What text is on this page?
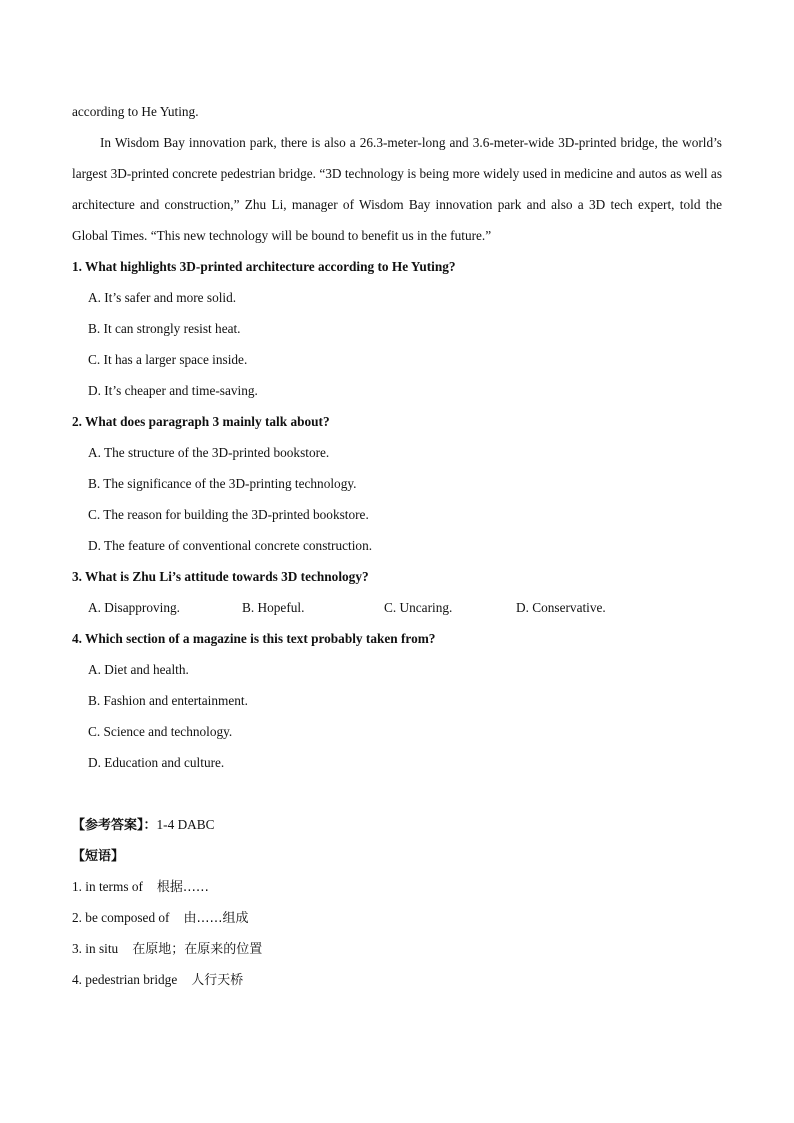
according to He Yuting.

In Wisdom Bay innovation park, there is also a 26.3-meter-long and 3.6-meter-wide 3D-printed bridge, the world’s largest 3D-printed concrete pedestrian bridge. “3D technology is being more widely used in medicine and autos as well as architecture and construction,” Zhu Li, manager of Wisdom Bay innovation park and also a 3D tech expert, told the Global Times. “This new technology will be bound to benefit us in the future.”

1. What highlights 3D-printed architecture according to He Yuting?
A. It’s safer and more solid.
B. It can strongly resist heat.
C. It has a larger space inside.
D. It’s cheaper and time-saving.
2. What does paragraph 3 mainly talk about?
A. The structure of the 3D-printed bookstore.
B. The significance of the 3D-printing technology.
C. The reason for building the 3D-printed bookstore.
D. The feature of conventional concrete construction.
3. What is Zhu Li’s attitude towards 3D technology?
A. Disapproving.	B. Hopeful.	C. Uncaring.	D. Conservative.
4. Which section of a magazine is this text probably taken from?
A. Diet and health.
B. Fashion and entertainment.
C. Science and technology.
D. Education and culture.
【参考答案】：1-4 DABC
【短语】
1. in terms of 根据……
2. be composed of 由……组成
3. in situ 在原地；在原来的位置
4. pedestrian bridge 人行天桥
